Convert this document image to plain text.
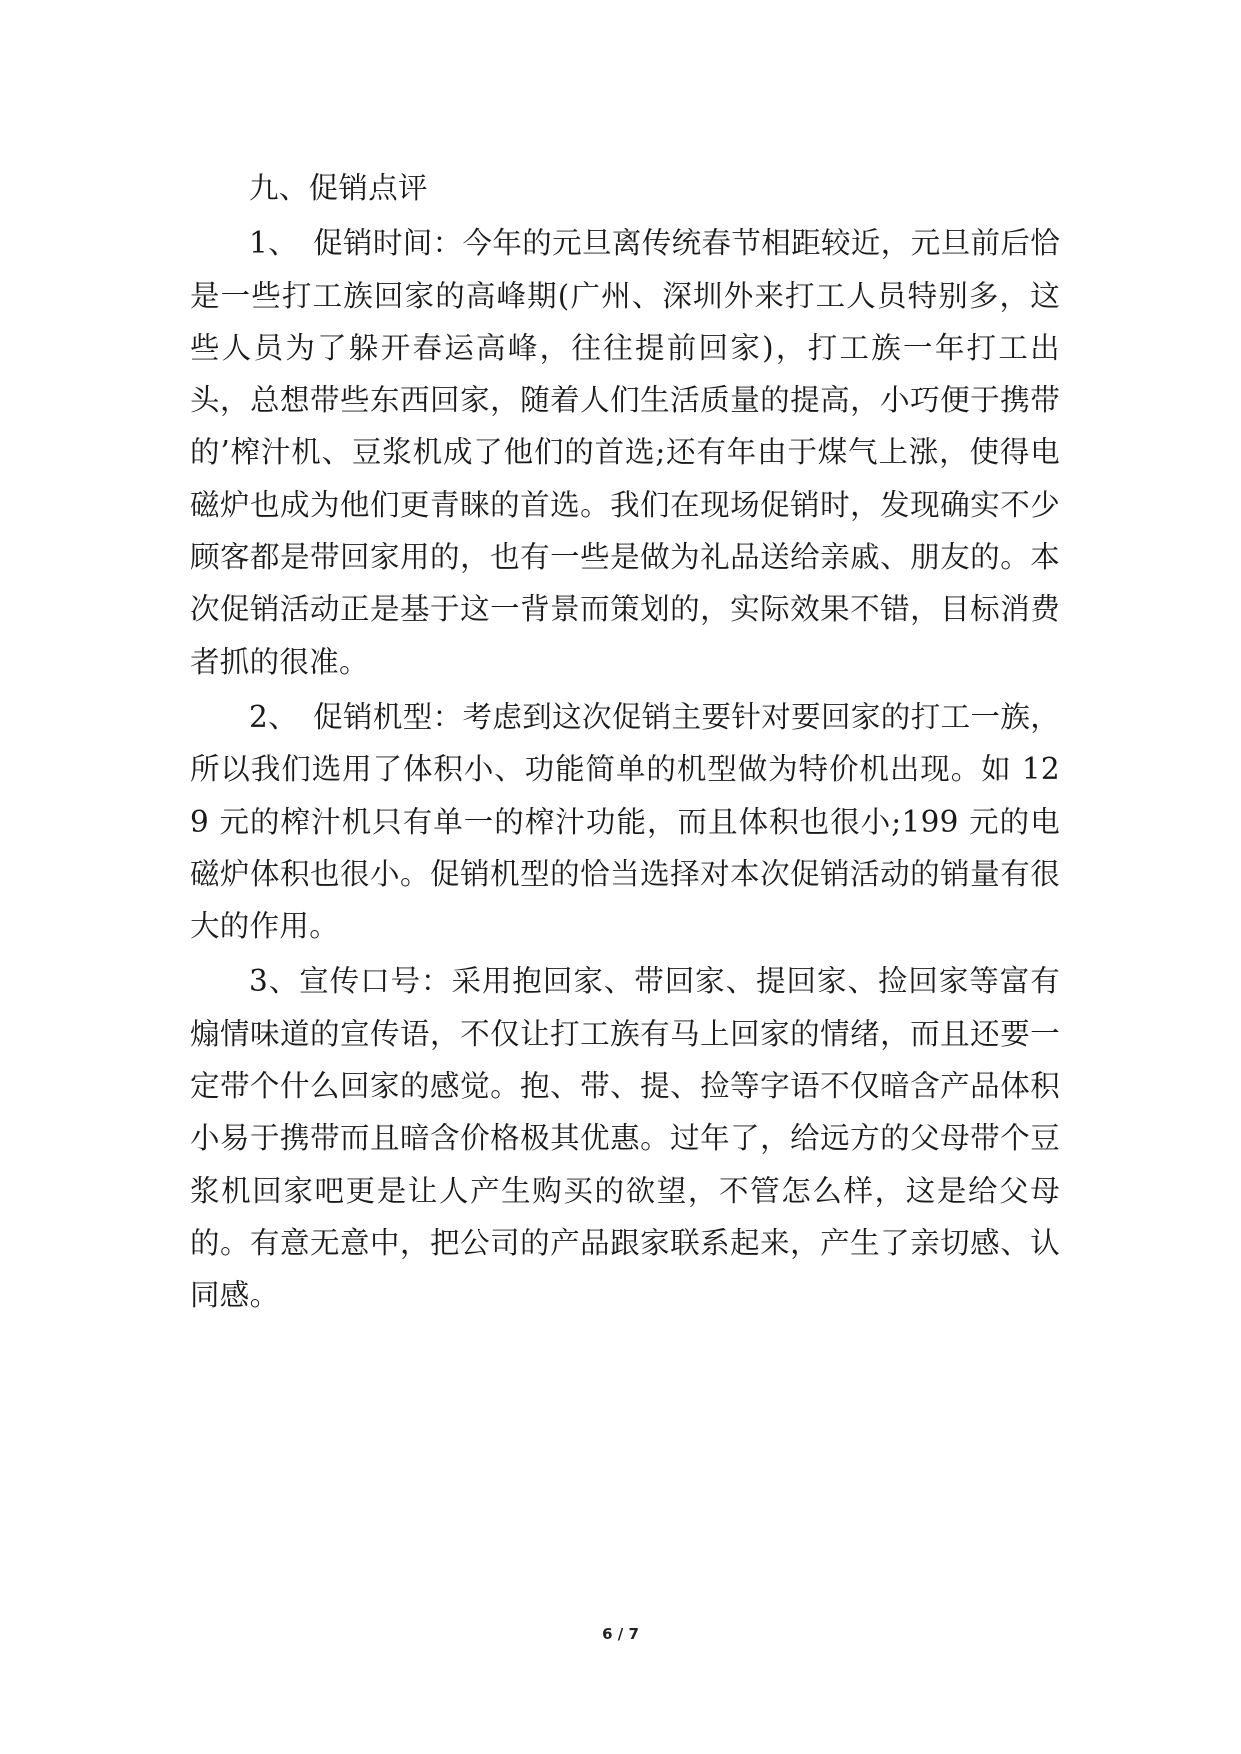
九、促销点评

1、　促销时间：今年的元旦离传统春节相距较近，元旦前后恰是一些打工族回家的高峰期(广州、深圳外来打工人员特别多，这些人员为了躲开春运高峰，往往提前回家)，打工族一年打工出头，总想带些东西回家，随着人们生活质量的提高，小巧便于携带的’榨汁机、豆浆机成了他们的首选;还有年由于煤气上涨，使得电磁炉也成为他们更青睐的首选。我们在现场促销时，发现确实不少顾客都是带回家用的，也有一些是做为礼品送给亲戚、朋友的。本次促销活动正是基于这一背景而策划的，实际效果不错，目标消费者抓的很准。

2、　促销机型：考虑到这次促销主要针对要回家的打工一族，所以我们选用了体积小、功能简单的机型做为特价机出现。如 129 元的榨汁机只有单一的榨汁功能，而且体积也很小;199 元的电磁炉体积也很小。促销机型的恰当选择对本次促销活动的销量有很大的作用。

3、宣传口号：采用抱回家、带回家、提回家、捡回家等富有煽情味道的宣传语，不仅让打工族有马上回家的情绪，而且还要一定带个什么回家的感觉。抱、带、提、捡等字语不仅暗含产品体积小易于携带而且暗含价格极其优惠。过年了，给远方的父母带个豆浆机回家吧更是让人产生购买的欲望，不管怎么样，这是给父母的。有意无意中，把公司的产品跟家联系起来，产生了亲切感、认同感。

6 / 7
